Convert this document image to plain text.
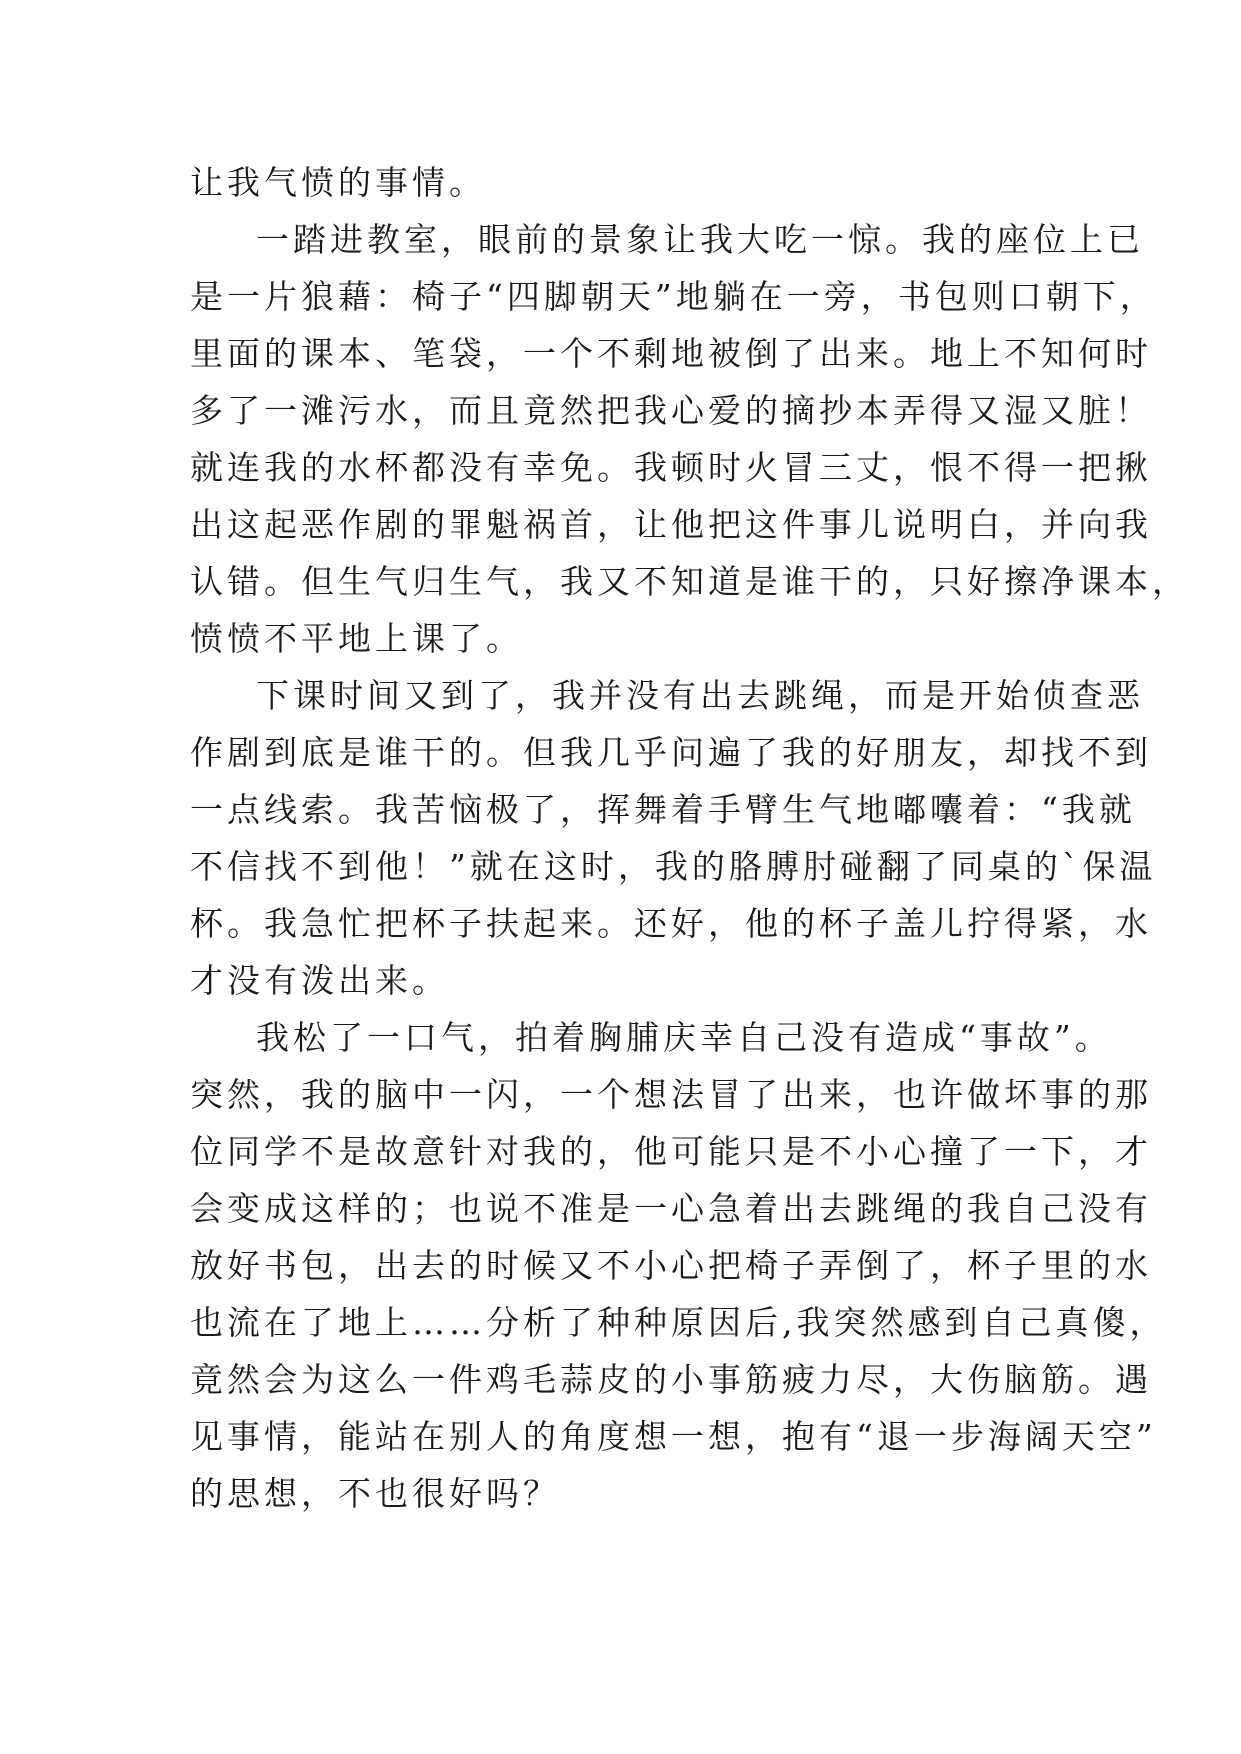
让我气愤的事情。
一踏进教室，眼前的景象让我大吃一惊。我的座位上已
是一片狼藉：椅子“四脚朝天”地躺在一旁，书包则口朝下，
里面的课本、笔袋，一个不剩地被倒了出来。地上不知何时
多了一滩污水，而且竟然把我心爱的摘抄本弄得又湿又脏！
就连我的水杯都没有幸免。我顿时火冒三丈，恨不得一把揪
出这起恶作剧的罪魁祸首，让他把这件事儿说明白，并向我
认错。但生气归生气，我又不知道是谁干的，只好擦净课本，
愤愤不平地上课了。
下课时间又到了，我并没有出去跳绳，而是开始侦查恶
作剧到底是谁干的。但我几乎问遍了我的好朋友，却找不到
一点线索。我苦恼极了，挥舞着手臂生气地嘟囔着：“我就
不信找不到他！”就在这时，我的胳膊肘碰翻了同桌的`保温
杯。我急忙把杯子扶起来。还好，他的杯子盖儿拧得紧，水
才没有泼出来。
我松了一口气，拍着胸脯庆幸自己没有造成“事故”。
突然，我的脑中一闪，一个想法冒了出来，也许做坏事的那
位同学不是故意针对我的，他可能只是不小心撞了一下，才
会变成这样的；也说不准是一心急着出去跳绳的我自己没有
放好书包，出去的时候又不小心把椅子弄倒了，杯子里的水
也流在了地上……分析了种种原因后,我突然感到自己真傻，
竟然会为这么一件鸡毛蒜皮的小事筋疲力尽，大伤脑筋。遇
见事情，能站在别人的角度想一想，抱有“退一步海阔天空”
的思想，不也很好吗？
